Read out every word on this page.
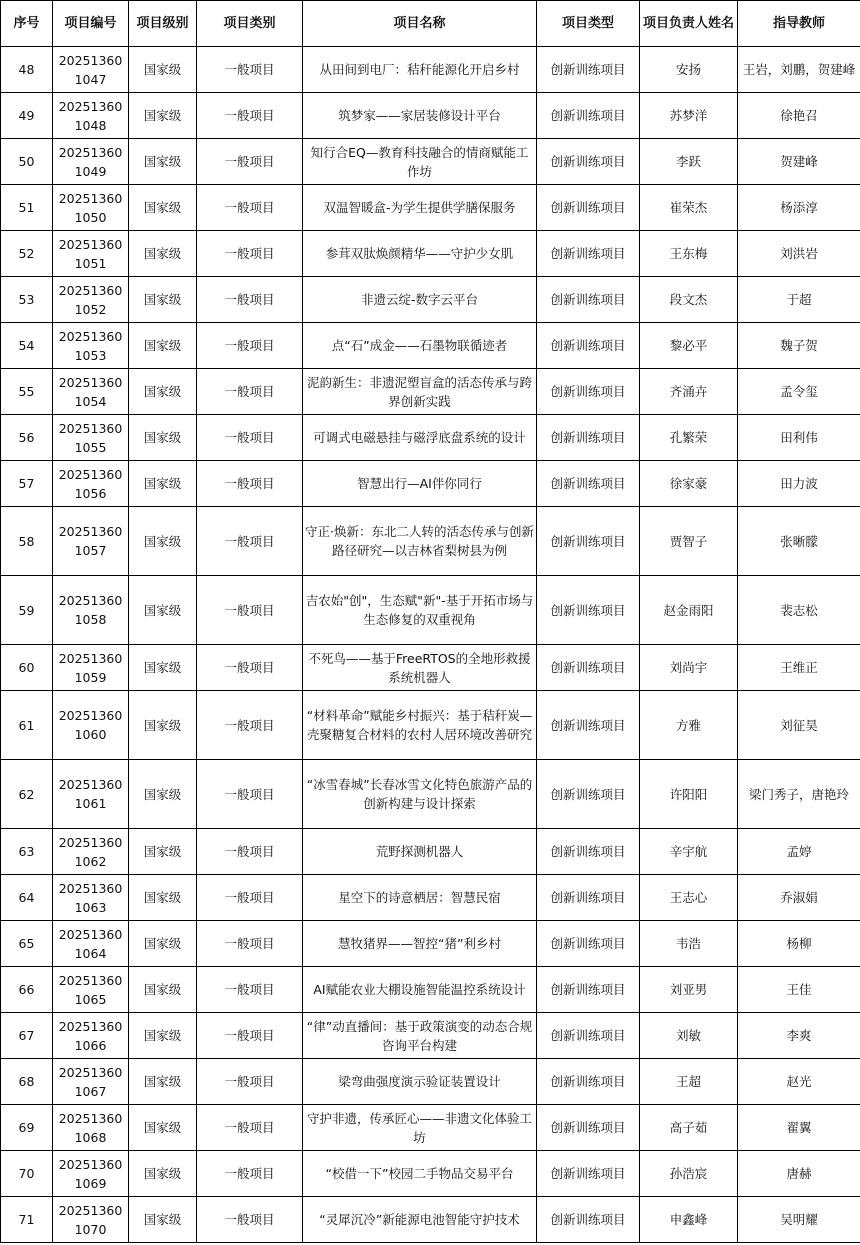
序号	项目编号	项目级别	项目类别	项目名称	项目类型	项目负责人姓名	指导教师
48	202513601047	国家级	一般项目	从田间到电厂：秸秆能源化开启乡村	创新训练项目	安扬	王岩，刘鹏，贺建峰
49	202513601048	国家级	一般项目	筑梦家——家居装修设计平台	创新训练项目	苏梦洋	徐艳召
50	202513601049	国家级	一般项目	知行合EQ—教育科技融合的情商赋能工作坊	创新训练项目	李跃	贺建峰
51	202513601050	国家级	一般项目	双温智暖盒-为学生提供学膳保服务	创新训练项目	崔荣杰	杨添淳
52	202513601051	国家级	一般项目	参茸双肽焕颜精华——守护少女肌	创新训练项目	王东梅	刘洪岩
53	202513601052	国家级	一般项目	非遗云绽-数字云平台	创新训练项目	段文杰	于超
54	202513601053	国家级	一般项目	点“石”成金——石墨物联循迹者	创新训练项目	黎必平	魏子贺
55	202513601054	国家级	一般项目	泥韵新生：非遗泥塑盲盒的活态传承与跨界创新实践	创新训练项目	齐涌卉	孟令玺
56	202513601055	国家级	一般项目	可调式电磁悬挂与磁浮底盘系统的设计	创新训练项目	孔繁荣	田利伟
57	202513601056	国家级	一般项目	智慧出行—AI伴你同行	创新训练项目	徐家豪	田力波
58	202513601057	国家级	一般项目	守正·焕新：东北二人转的活态传承与创新路径研究—以吉林省梨树县为例	创新训练项目	贾智子	张晰朦
59	202513601058	国家级	一般项目	吉农始"创"，生态赋"新"-基于开拓市场与生态修复的双重视角	创新训练项目	赵金雨阳	裴志松
60	202513601059	国家级	一般项目	不死鸟——基于FreeRTOS的全地形救援系统机器人	创新训练项目	刘尚宇	王维正
61	202513601060	国家级	一般项目	“材料革命”赋能乡村振兴：基于秸秆炭—壳聚糖复合材料的农村人居环境改善研究	创新训练项目	方雅	刘征昊
62	202513601061	国家级	一般项目	“冰雪春城”长春冰雪文化特色旅游产品的创新构建与设计探索	创新训练项目	许阳阳	梁门秀子，唐艳玲
63	202513601062	国家级	一般项目	荒野探测机器人	创新训练项目	辛宇航	孟婷
64	202513601063	国家级	一般项目	星空下的诗意栖居：智慧民宿	创新训练项目	王志心	乔淑娟
65	202513601064	国家级	一般项目	慧牧猪界——智控“猪”利乡村	创新训练项目	韦浩	杨柳
66	202513601065	国家级	一般项目	AI赋能农业大棚设施智能温控系统设计	创新训练项目	刘亚男	王佳
67	202513601066	国家级	一般项目	“律”动直播间：基于政策演变的动态合规咨询平台构建	创新训练项目	刘敏	李爽
68	202513601067	国家级	一般项目	梁弯曲强度演示验证装置设计	创新训练项目	王超	赵光
69	202513601068	国家级	一般项目	守护非遗，传承匠心——非遗文化体验工坊	创新训练项目	高子茹	翟翼
70	202513601069	国家级	一般项目	“校借一下”校园二手物品交易平台	创新训练项目	孙浩宸	唐赫
71	202513601070	国家级	一般项目	“灵犀沉冷”新能源电池智能守护技术	创新训练项目	申鑫峰	吴明耀
